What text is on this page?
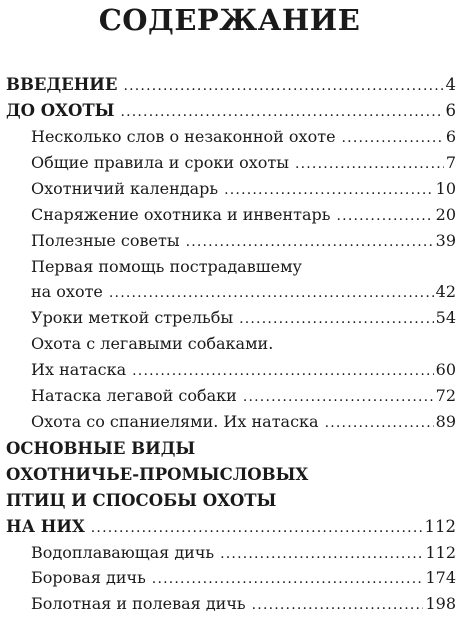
СОДЕРЖАНИЕ
ВВЕДЕНИЕ .....	4
ДО ОХОТЫ .....	6
Несколько слов о незаконной охоте .....	6
Общие правила и сроки охоты .....	7
Охотничий календарь .....	10
Снаряжение охотника и инвентарь .....	20
Полезные советы .....	39
Первая помощь пострадавшему
на охоте .....	42
Уроки меткой стрельбы .....	54
Охота с легавыми собаками.
Их натаска .....	60
Натаска легавой собаки .....	72
Охота со спаниелями. Их натаска .....	89
ОСНОВНЫЕ ВИДЫ
ОХОТНИЧЬЕ-ПРОМЫСЛОВЫХ
ПТИЦ И СПОСОБЫ ОХОТЫ
НА НИХ .....	112
Водоплавающая дичь .....	112
Боровая дичь .....	174
Болотная и полевая дичь .....	198
